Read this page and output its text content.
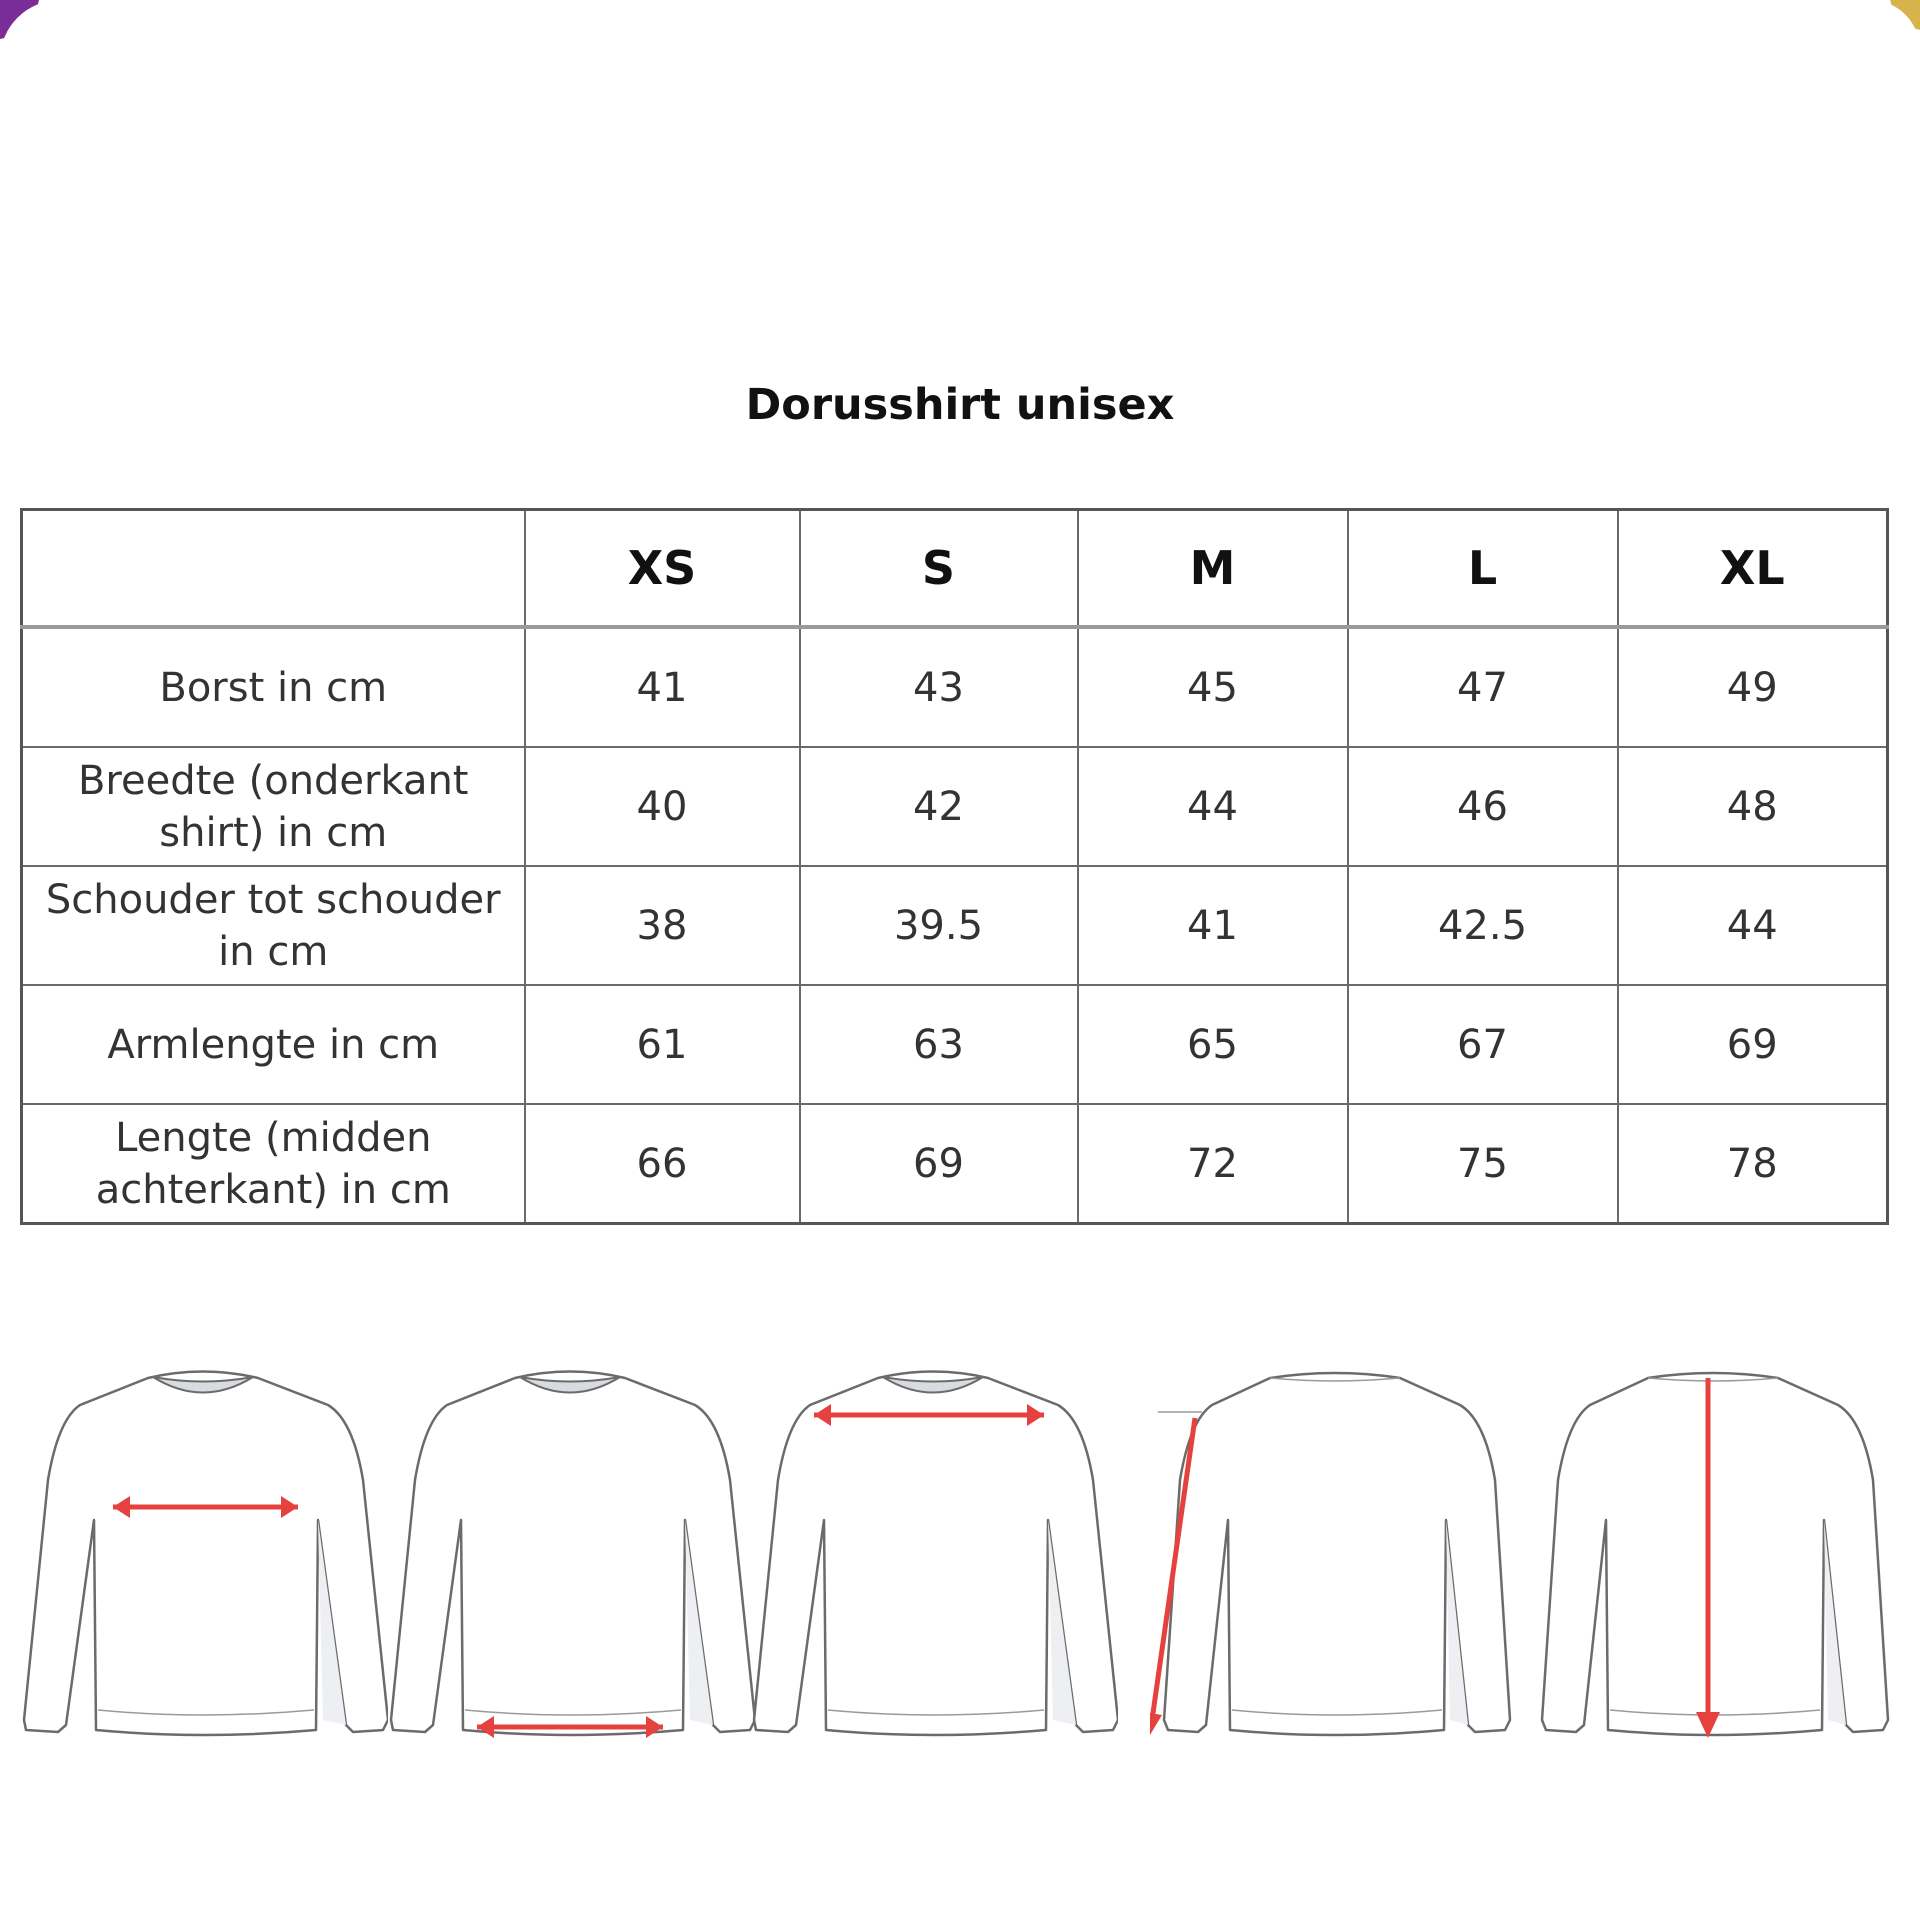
Dorusshirt unisex
	XS	S	M	L	XL
Borst in cm	41	43	45	47	49

Breedte (onderkant
shirt) in cm	40	42	44	46	48

Schouder tot schouder
in cm	38	39.5	41	42.5	44
Armlengte in cm	61	63	65	67	69

Lengte (midden
achterkant) in cm	66	69	72	75	78
